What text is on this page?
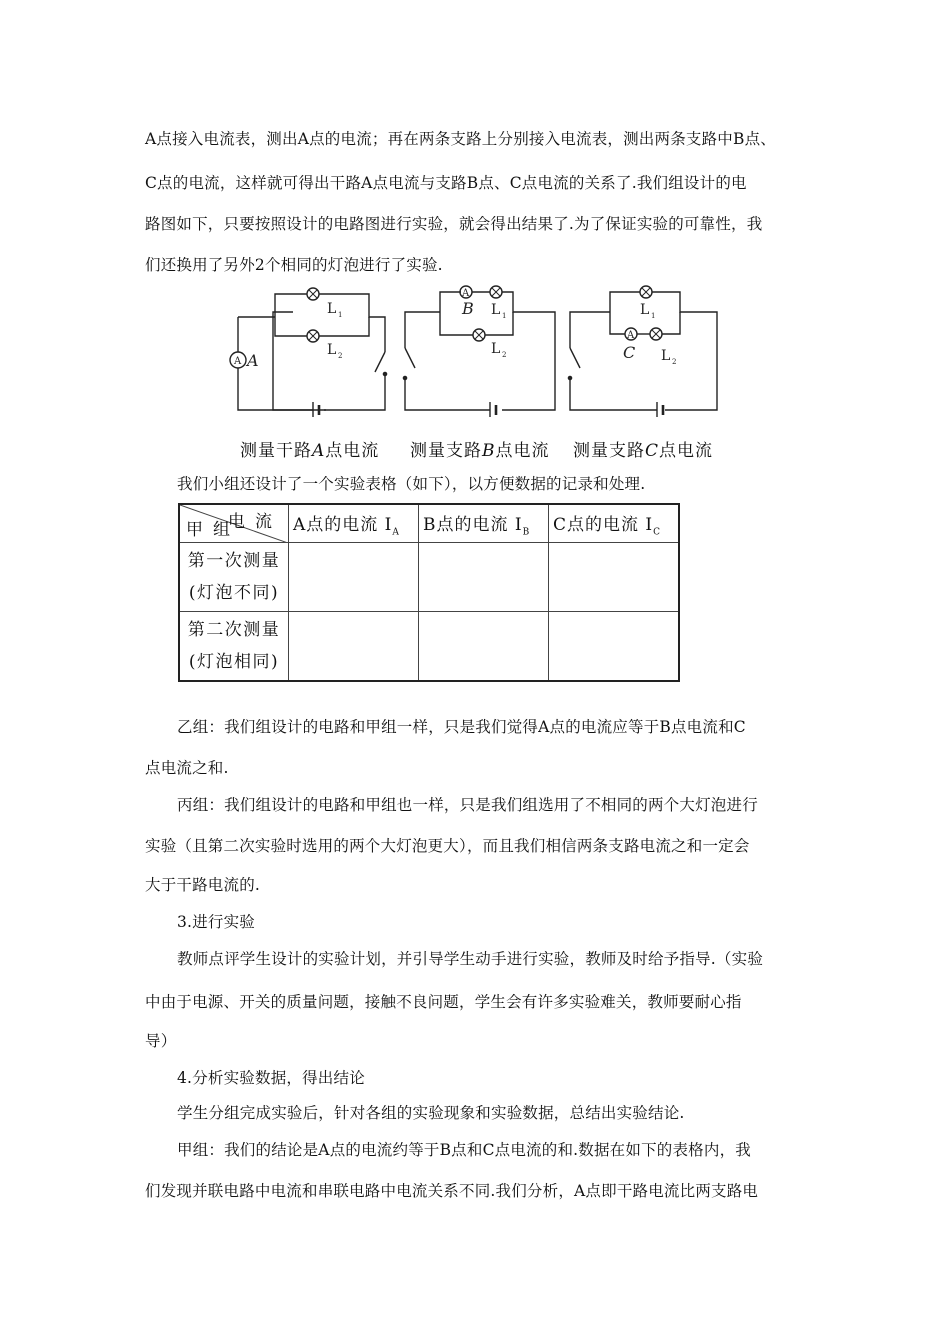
A点接入电流表，测出A点的电流；再在两条支路上分别接入电流表，测出两条支路中B点、
C点的电流，这样就可得出干路A点电流与支路B点、C点电流的关系了.我们组设计的电
路图如下，只要按照设计的电路图进行实验，就会得出结果了.为了保证实验的可靠性，我
们还换用了另外2个相同的灯泡进行了实验.
A A
L 1
L 2
A
B L 1
L 2
A
C
L 1
L 2
测量干路A点电流 测量支路B点电流 测量支路C点电流
我们小组还设计了一个实验表格（如下），以方便数据的记录和处理.
电流
甲组	A点的电流 $I_A$	B点的电流 $I_B$	C点的电流 $I_C$

第一次测量
(灯泡不同)			

第二次测量
(灯泡相同)			

乙组：我们组设计的电路和甲组一样，只是我们觉得A点的电流应等于B点电流和C
点电流之和.
丙组：我们组设计的电路和甲组也一样，只是我们组选用了不相同的两个大灯泡进行
实验（且第二次实验时选用的两个大灯泡更大），而且我们相信两条支路电流之和一定会
大于干路电流的.
3.进行实验
教师点评学生设计的实验计划，并引导学生动手进行实验，教师及时给予指导.（实验
中由于电源、开关的质量问题，接触不良问题，学生会有许多实验难关，教师要耐心指
导）
4.分析实验数据，得出结论
学生分组完成实验后，针对各组的实验现象和实验数据，总结出实验结论.
甲组：我们的结论是A点的电流约等于B点和C点电流的和.数据在如下的表格内，我
们发现并联电路中电流和串联电路中电流关系不同.我们分析，A点即干路电流比两支路电
